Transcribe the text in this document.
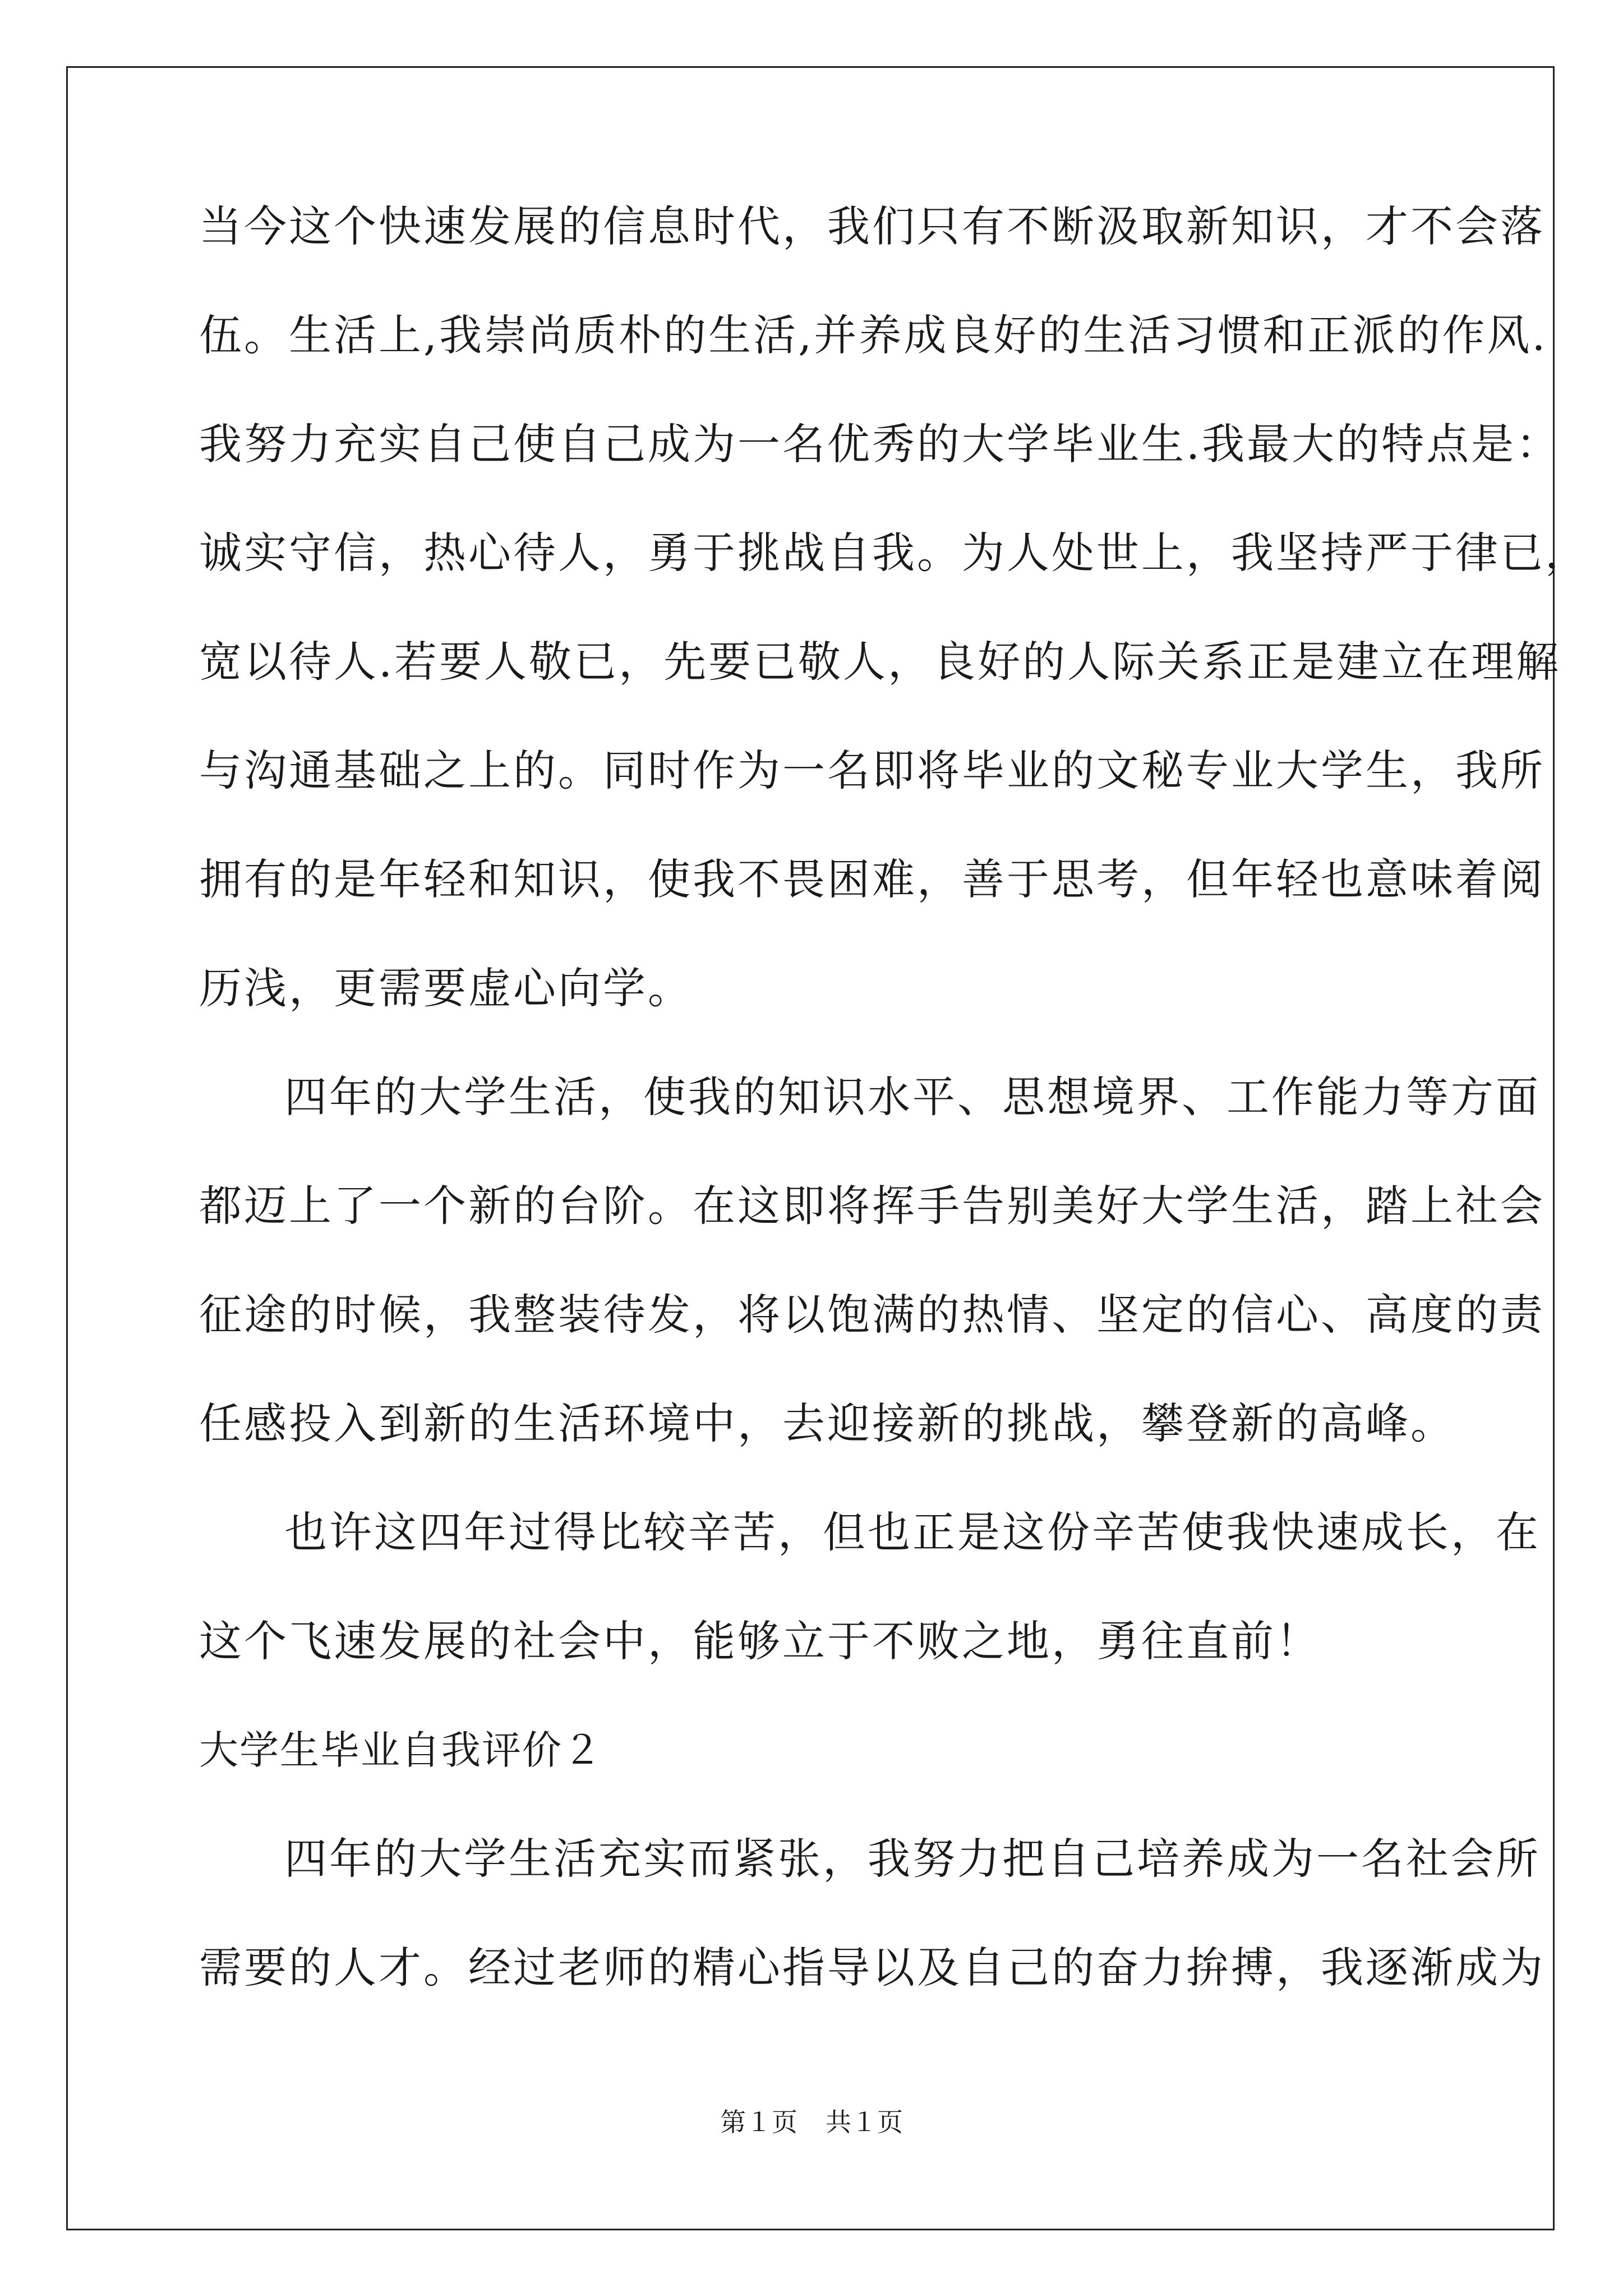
当今这个快速发展的信息时代，我们只有不断汲取新知识，才不会落
伍。生活上,我崇尚质朴的生活,并养成良好的生活习惯和正派的作风.
我努力充实自己使自己成为一名优秀的大学毕业生.我最大的特点是：
诚实守信，热心待人，勇于挑战自我。为人处世上，我坚持严于律已，
宽以待人.若要人敬已，先要已敬人，良好的人际关系正是建立在理解
与沟通基础之上的。同时作为一名即将毕业的文秘专业大学生，我所
拥有的是年轻和知识，使我不畏困难，善于思考，但年轻也意味着阅
历浅，更需要虚心向学。
四年的大学生活，使我的知识水平、思想境界、工作能力等方面
都迈上了一个新的台阶。在这即将挥手告别美好大学生活，踏上社会
征途的时候，我整装待发，将以饱满的热情、坚定的信心、高度的责
任感投入到新的生活环境中，去迎接新的挑战，攀登新的高峰。
也许这四年过得比较辛苦，但也正是这份辛苦使我快速成长，在
这个飞速发展的社会中，能够立于不败之地，勇往直前！
大学生毕业自我评价２
四年的大学生活充实而紧张，我努力把自己培养成为一名社会所
需要的人才。经过老师的精心指导以及自己的奋力拚搏，我逐渐成为
第１页 共１页
